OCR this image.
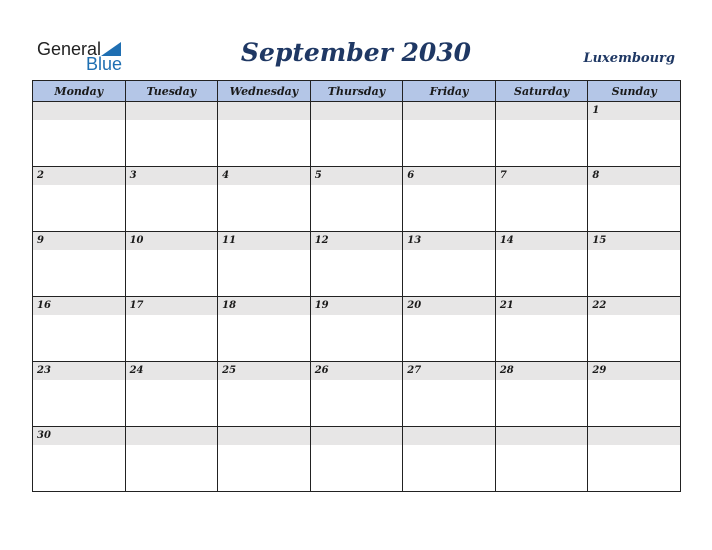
General
Blue	September 2030	Luxembourg
Monday	Tuesday	Wednesday	Thursday	Friday	Saturday	Sunday

						1

2	3	4	5	6	7	8

9	10	11	12	13	14	15

16	17	18	19	20	21	22

23	24	25	26	27	28	29

30						
